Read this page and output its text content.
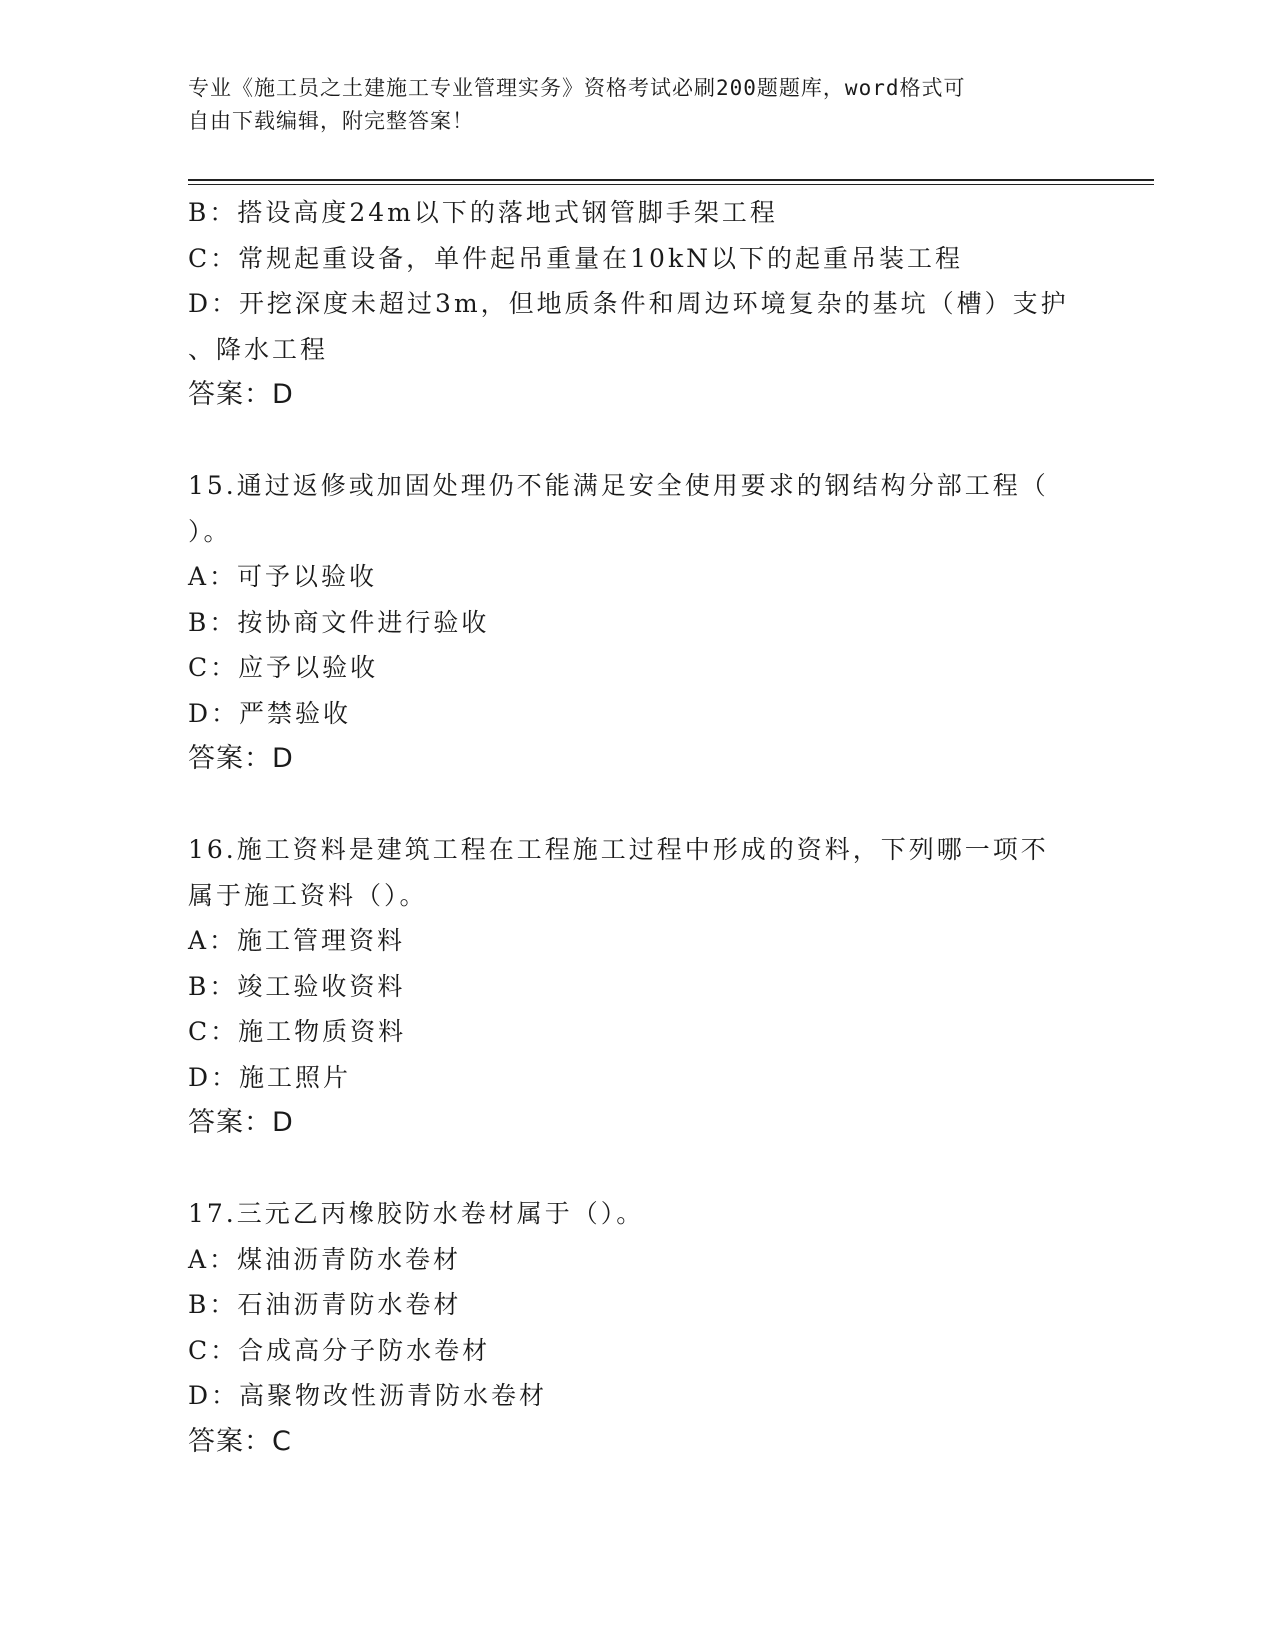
专业《施工员之土建施工专业管理实务》资格考试必刷200题题库，word格式可
自由下载编辑，附完整答案！
B：搭设高度24m以下的落地式钢管脚手架工程
C：常规起重设备，单件起吊重量在10kN以下的起重吊装工程
D：开挖深度未超过3m，但地质条件和周边环境复杂的基坑（槽）支护
、降水工程
答案：D
15.通过返修或加固处理仍不能满足安全使用要求的钢结构分部工程（
）。
A：可予以验收
B：按协商文件进行验收
C：应予以验收
D：严禁验收
答案：D
16.施工资料是建筑工程在工程施工过程中形成的资料，下列哪一项不
属于施工资料（）。
A：施工管理资料
B：竣工验收资料
C：施工物质资料
D：施工照片
答案：D
17.三元乙丙橡胶防水卷材属于（）。
A：煤油沥青防水卷材
B：石油沥青防水卷材
C：合成高分子防水卷材
D：高聚物改性沥青防水卷材
答案：C
